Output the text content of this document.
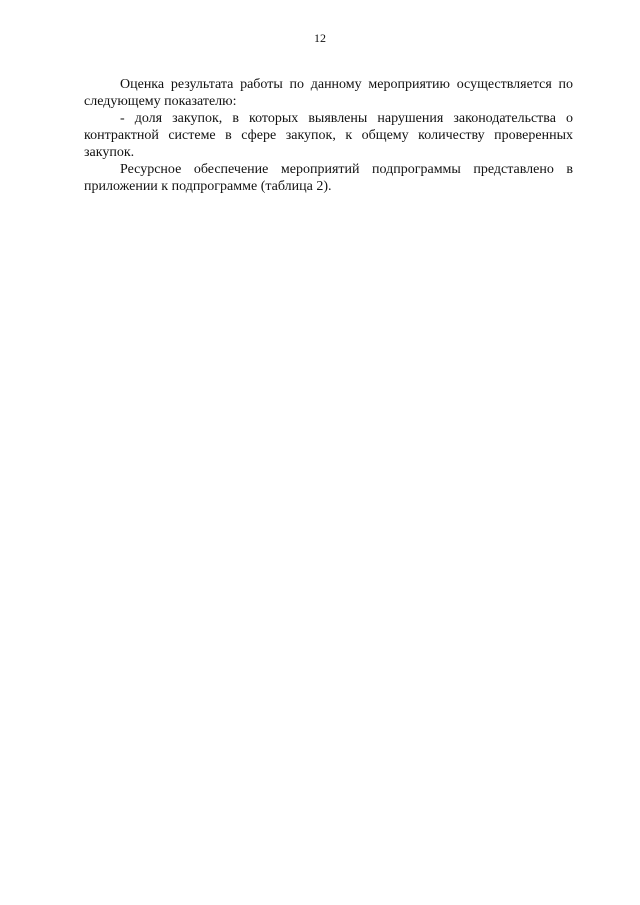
12

Оценка результата работы по данному мероприятию осуществляется по следующему показателю:

- доля закупок, в которых выявлены нарушения законодательства о контрактной системе в сфере закупок, к общему количеству проверенных закупок.

Ресурсное обеспечение мероприятий подпрограммы представлено в приложении к подпрограмме (таблица 2).
